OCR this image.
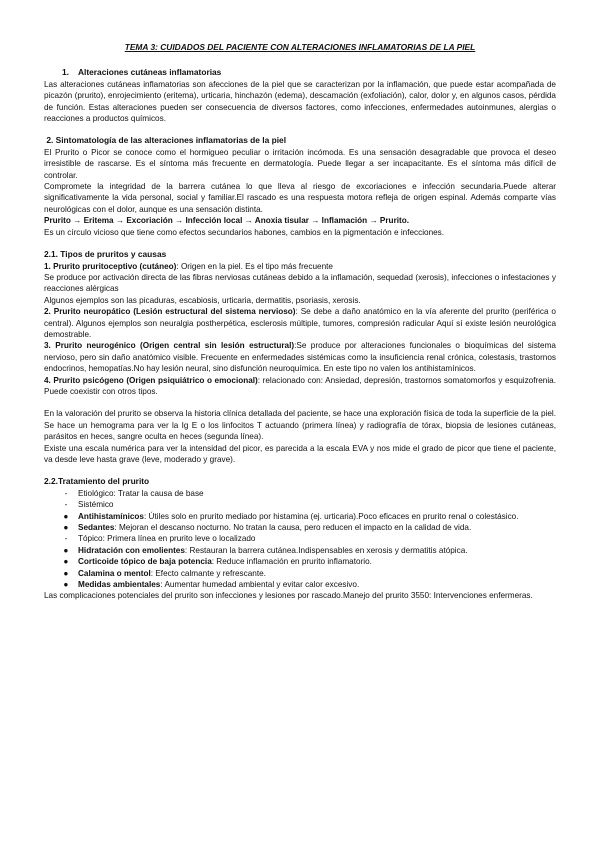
TEMA 3: CUIDADOS DEL PACIENTE CON ALTERACIONES INFLAMATORIAS DE LA PIEL
1.    Alteraciones cutáneas inflamatorias

Las alteraciones cutáneas inflamatorias son afecciones de la piel que se caracterizan por la inflamación, que puede estar acompañada de picazón (prurito), enrojecimiento (eritema), urticaria, hinchazón (edema), descamación (exfoliación), calor, dolor y, en algunos casos, pérdida de función. Estas alteraciones pueden ser consecuencia de diversos factores, como infecciones, enfermedades autoinmunes, alergias o reacciones a productos químicos.

2. Sintomatología de las alteraciones inflamatorias de la piel

El Prurito o Picor se conoce como el hormigueo peculiar o irritación incómoda. Es una sensación desagradable que provoca el deseo irresistible de rascarse. Es el síntoma más frecuente en dermatología. Puede llegar a ser incapacitante. Es el síntoma más difícil de controlar.

Compromete la integridad de la barrera cutánea lo que lleva al riesgo de excoriaciones e infección secundaria.Puede alterar significativamente la vida personal, social y familiar.El rascado es una respuesta motora refleja de origen espinal. Además comparte vías neurológicas con el dolor, aunque es una sensación distinta.

Prurito → Eritema → Excoriación → Infección local → Anoxia tisular → Inflamación → Prurito.

Es un círculo vicioso que tiene como efectos secundarios habones, cambios en la pigmentación e infecciones.

2.1. Tipos de pruritos y causas

1. Prurito pruritoceptivo (cutáneo): Origen en la piel. Es el tipo más frecuente

Se produce por activación directa de las fibras nerviosas cutáneas debido a la inflamación, sequedad (xerosis), infecciones o infestaciones y reacciones alérgicas

Algunos ejemplos son las picaduras, escabiosis, urticaria, dermatitis, psoriasis, xerosis.

2. Prurito neuropático (Lesión estructural del sistema nervioso): Se debe a daño anatómico en la vía aferente del prurito (periférica o central). Algunos ejemplos son neuralgia postherpética, esclerosis múltiple, tumores, compresión radicular Aquí sí existe lesión neurológica demostrable.

3. Prurito neurogénico (Origen central sin lesión estructural):Se produce por alteraciones funcionales o bioquímicas del sistema nervioso, pero sin daño anatómico visible. Frecuente en enfermedades sistémicas como la insuficiencia renal crónica, colestasis, trastornos endocrinos, hemopatías.No hay lesión neural, sino disfunción neuroquímica. En este tipo no valen los antihistamínicos.

4. Prurito psicógeno (Origen psiquiátrico o emocional): relacionado con: Ansiedad, depresión, trastornos somatomorfos y esquizofrenia. Puede coexistir con otros tipos.

En la valoración del prurito se observa la historia clínica detallada del paciente, se hace una exploración física de toda la superficie de la piel. Se hace un hemograma para ver la Ig E o los linfocitos T actuando (primera línea) y radiografía de tórax, biopsia de lesiones cutáneas, parásitos en heces, sangre oculta en heces (segunda línea).

Existe una escala numérica para ver la intensidad del picor, es parecida a la escala EVA y nos mide el grado de picor que tiene el paciente, va desde leve hasta grave (leve, moderado y grave).

2.2.Tratamiento del prurito
-	Etiológico: Tratar la causa de base
-	Sistémico
●	Antihistamínicos: Útiles solo en prurito mediado por histamina (ej. urticaria).Poco eficaces en prurito renal o colestásico.
●	Sedantes: Mejoran el descanso nocturno. No tratan la causa, pero reducen el impacto en la calidad de vida.
-	Tópico: Primera línea en prurito leve o localizado
●	Hidratación con emolientes: Restauran la barrera cutánea.Indispensables en xerosis y dermatitis atópica.
●	Corticoide tópico de baja potencia: Reduce inflamación en prurito inflamatorio.
●	Calamina o mentol: Efecto calmante y refrescante.
●	Medidas ambientales: Aumentar humedad ambiental y evitar calor excesivo.

Las complicaciones potenciales del prurito son infecciones y lesiones por rascado.Manejo del prurito 3550: Intervenciones enfermeras.
